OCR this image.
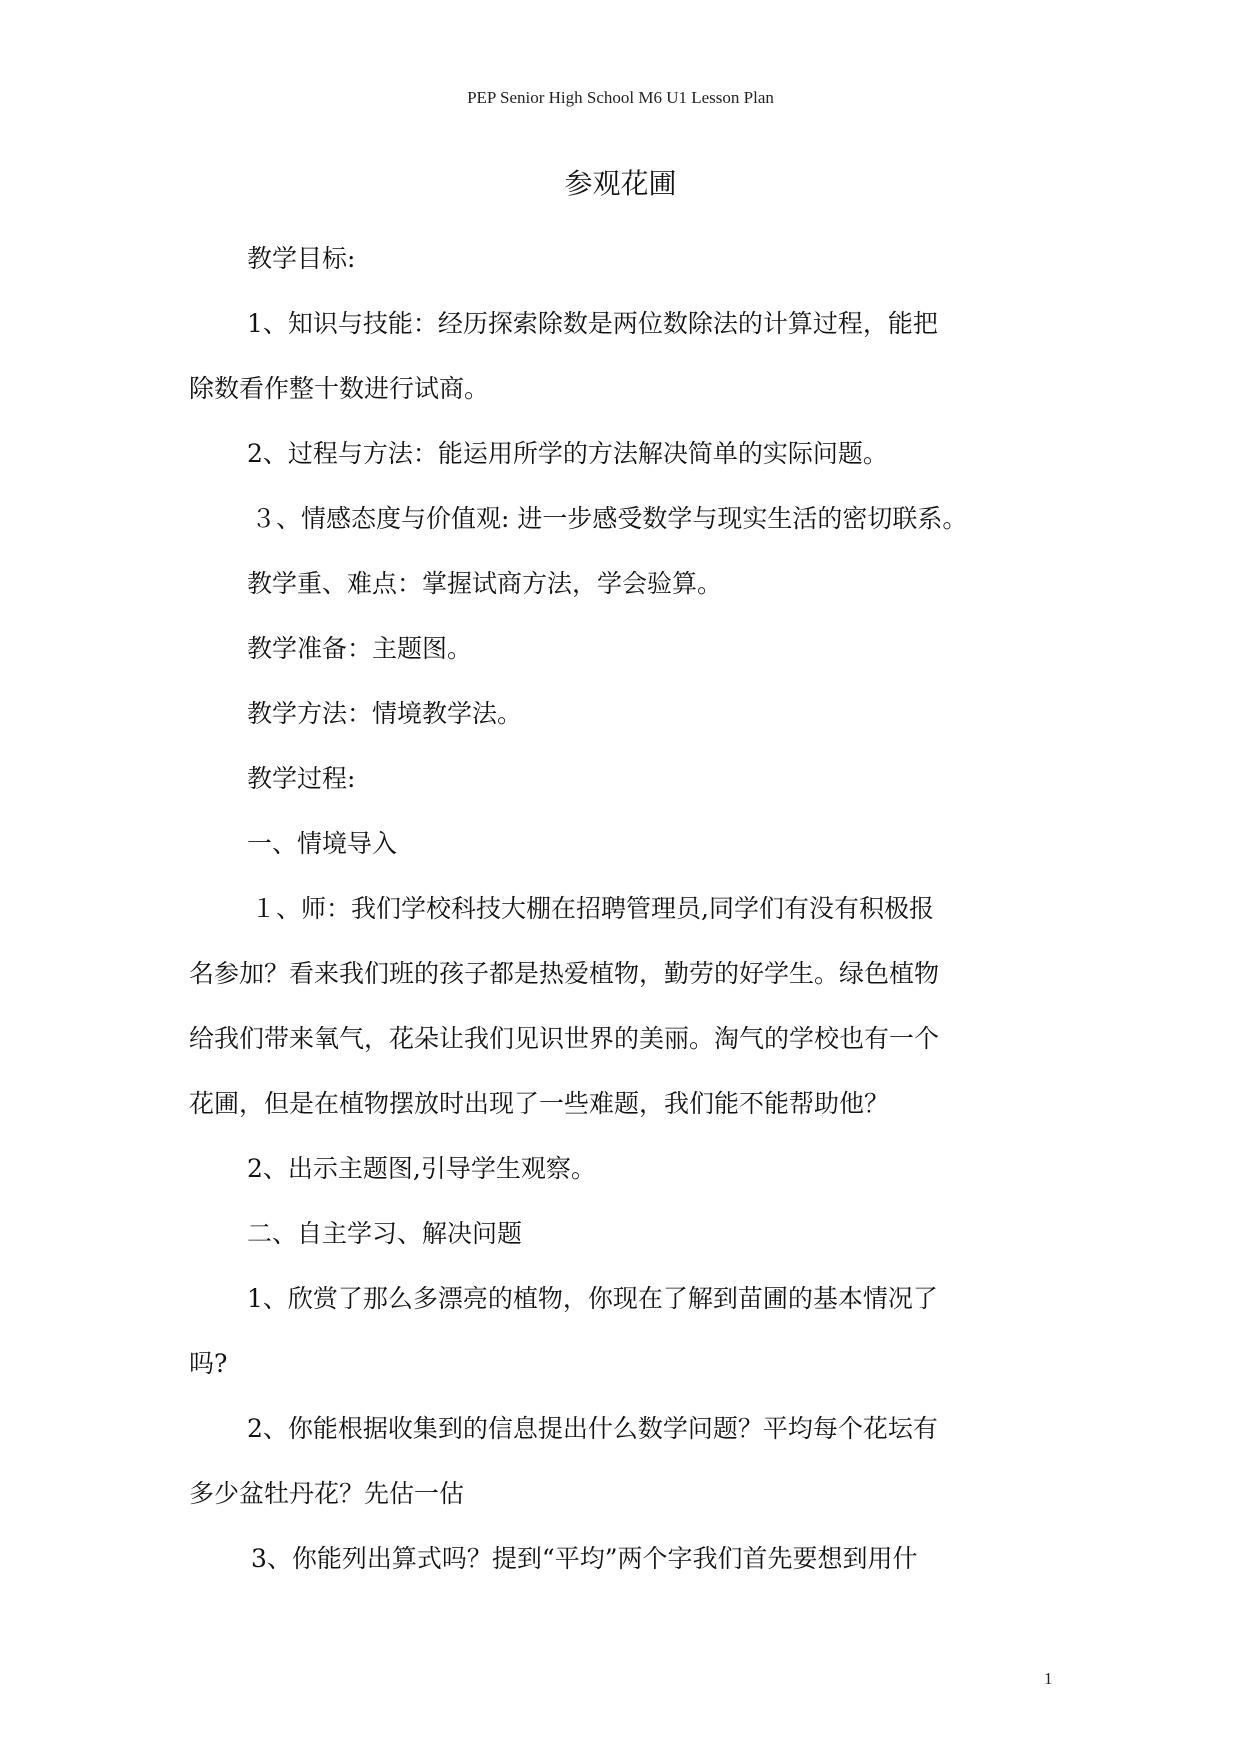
PEP Senior High School M6 U1 Lesson Plan
参观花圃

教学目标:

1、知识与技能：经历探索除数是两位数除法的计算过程，能把

除数看作整十数进行试商。

2、过程与方法：能运用所学的方法解决简单的实际问题。

３、情感态度与价值观: 进一步感受数学与现实生活的密切联系。

教学重、难点：掌握试商方法，学会验算。

教学准备：主题图。

教学方法：情境教学法。

教学过程:

一、情境导入

１、师：我们学校科技大棚在招聘管理员,同学们有没有积极报

名参加？看来我们班的孩子都是热爱植物，勤劳的好学生。绿色植物

给我们带来氧气，花朵让我们见识世界的美丽。淘气的学校也有一个

花圃，但是在植物摆放时出现了一些难题，我们能不能帮助他？

2、出示主题图,引导学生观察。

二、自主学习、解决问题

1、欣赏了那么多漂亮的植物，你现在了解到苗圃的基本情况了

吗?

2、你能根据收集到的信息提出什么数学问题？平均每个花坛有

多少盆牡丹花？先估一估

3、你能列出算式吗？提到“平均”两个字我们首先要想到用什

1
